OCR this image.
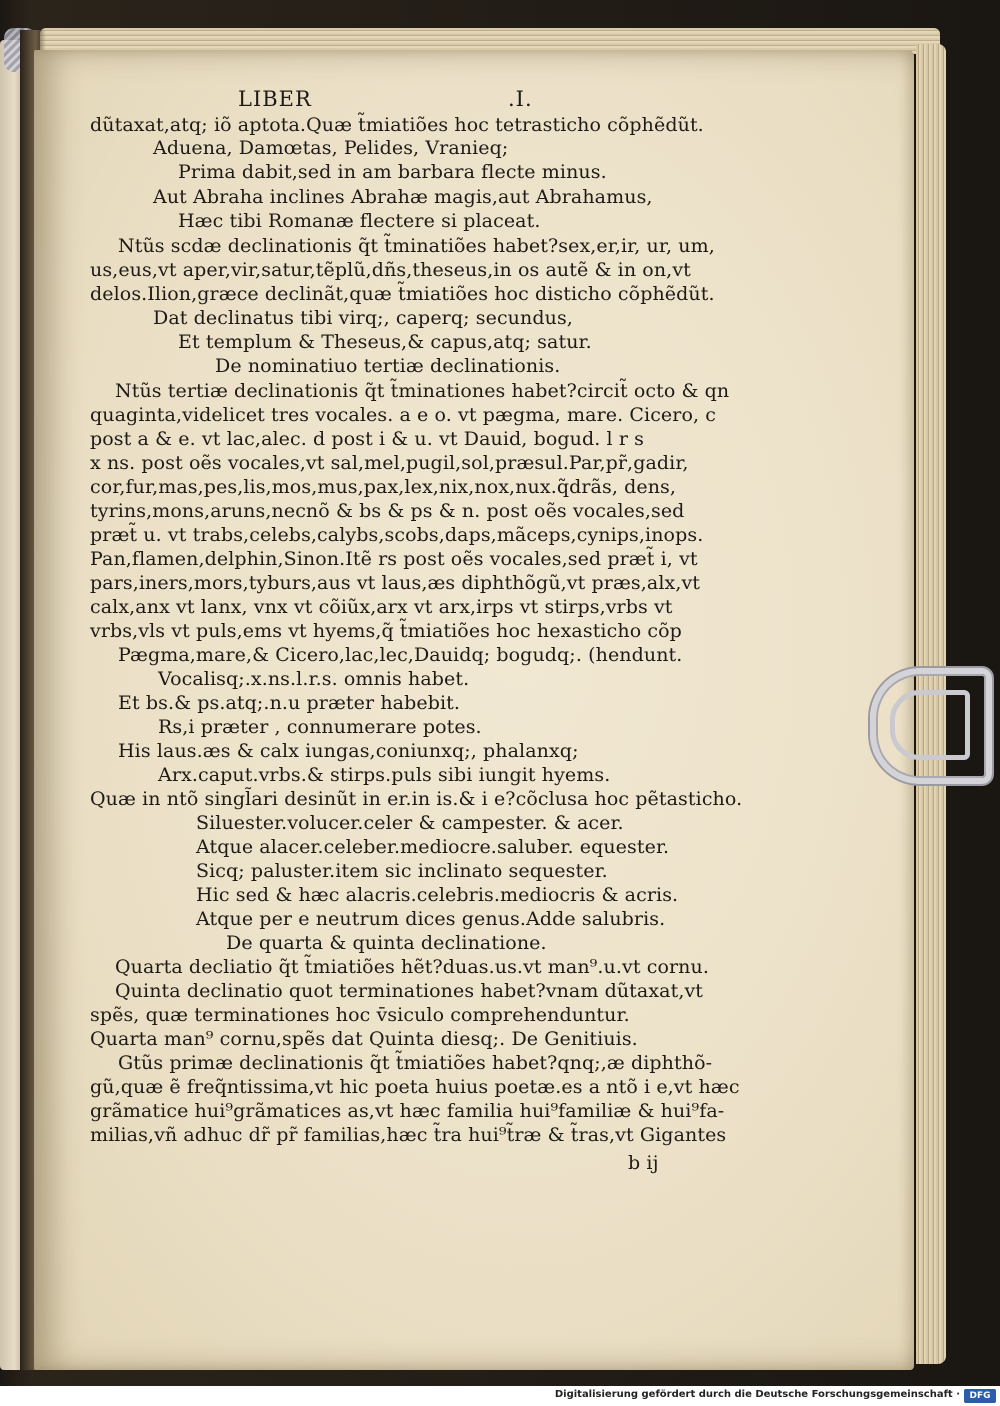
LIBER	.I.
dũtaxat,atq; iõ aptota.Quæ t̃miatiões hoc tetrasticho cõphẽdũt.
Aduena, Damœtas, Pelides, Vranieq;
Prima dabit,sed in am barbara flecte minus.
Aut Abraha inclines Abrahæ magis,aut Abrahamus,
Hæc tibi Romanæ flectere si placeat.
Ntũs scdæ declinationis q̃t t̃minatiões habet?sex,er,ir, ur, um,
us,eus,vt aper,vir,satur,tẽplũ,dñs,theseus,in os autẽ & in on,vt
delos.Ilion,græce declinãt,quæ t̃miatiões hoc disticho cõphẽdũt.
Dat declinatus tibi virq;, caperq; secundus,
Et templum & Theseus,& capus,atq; satur.
De nominatiuo tertiæ declinationis.
Ntũs tertiæ declinationis q̃t t̃minationes habet?circit̃ octo & qn
quaginta,videlicet tres vocales. a e o. vt pægma, mare. Cicero, c
post a & e. vt lac,alec. d post i & u. vt Dauid, bogud. l r s
x ns. post oẽs vocales,vt sal,mel,pugil,sol,præsul.Par,pr̃,gadir,
cor,fur,mas,pes,lis,mos,mus,pax,lex,nix,nox,nux.q̃drãs, dens,
tyrins,mons,aruns,necnõ & bs & ps & n. post oẽs vocales,sed
præt̃ u. vt trabs,celebs,calybs,scobs,daps,mãceps,cynips,inops.
Pan,flamen,delphin,Sinon.Itẽ rs post oẽs vocales,sed præt̃ i, vt
pars,iners,mors,tyburs,aus vt laus,æs diphthõgũ,vt præs,alx,vt
calx,anx vt lanx, vnx vt cõiũx,arx vt arx,irps vt stirps,vrbs vt
vrbs,vls vt puls,ems vt hyems,q̃ t̃miatiões hoc hexasticho cõp
Pægma,mare,& Cicero,lac,lec,Dauidq; bogudq;. (hendunt.
Vocalisq;.x.ns.l.r.s. omnis habet.
Et bs.& ps.atq;.n.u præter habebit.
Rs,i præter , connumerare potes.
His laus.æs & calx iungas,coniunxq;, phalanxq;
Arx.caput.vrbs.& stirps.puls sibi iungit hyems.
Quæ in ntõ singl̃ari desinũt in er.in is.& i e?cõclusa hoc pẽtasticho.
Siluester.volucer.celer & campester. & acer.
Atque alacer.celeber.mediocre.saluber. equester.
Sicq; paluster.item sic inclinato sequester.
Hic sed & hæc alacris.celebris.mediocris & acris.
Atque per e neutrum dices genus.Adde salubris.
De quarta & quinta declinatione.
Quarta decliatio q̃t t̃miatiões hẽt?duas.us.vt man⁹.u.vt cornu.
Quinta declinatio quot terminationes habet?vnam dũtaxat,vt
spẽs, quæ terminationes hoc v̄siculo comprehenduntur.
Quarta man⁹ cornu,spẽs dat Quinta diesq;. De Genitiuis.
Gtũs primæ declinationis q̃t t̃miatiões habet?qnq;,æ diphthõ-
gũ,quæ ẽ freq̃ntissima,vt hic poeta huius poetæ.es a ntõ i e,vt hæc
grãmatice hui⁹grãmatices as,vt hæc familia hui⁹familiæ & hui⁹fa-
milias,vñ adhuc dr̃ pr̃ familias,hæc t̃ra hui⁹t̃ræ & t̃ras,vt Gigantes
b ij
Digitalisierung gefördert durch die Deutsche Forschungsgemeinschaft ·	DFG
